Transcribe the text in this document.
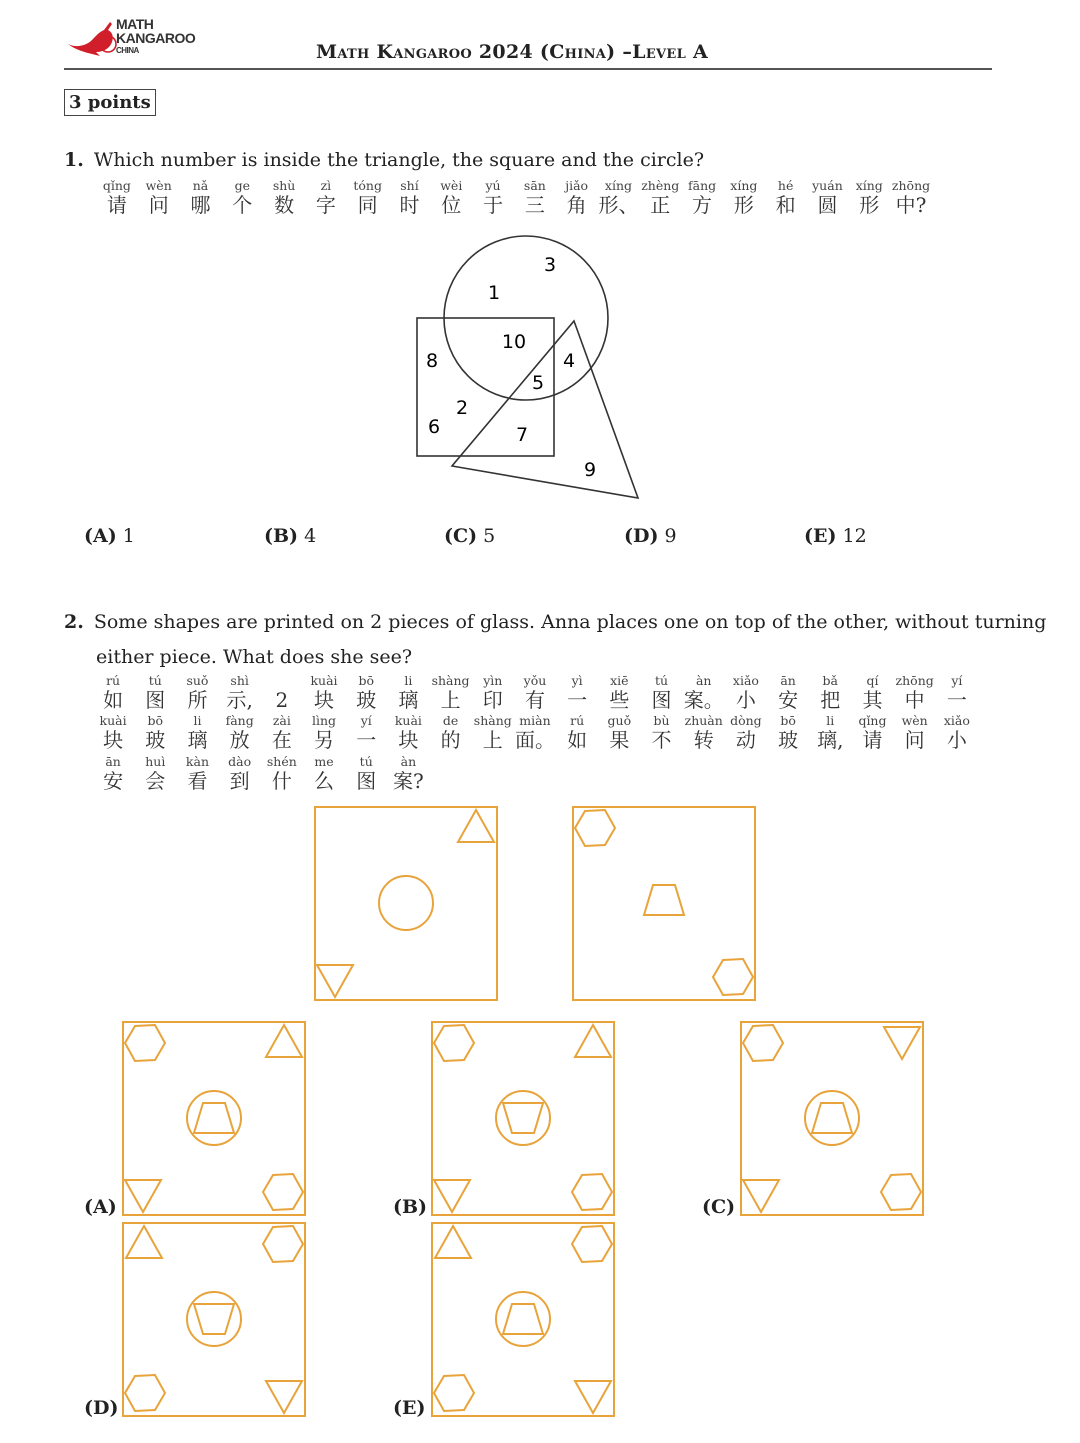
MATH
KANGAROO
CHINA	Math Kangaroo 2024 (China) –Level A
3 points
1. Which number is inside the triangle, the square and the circle?
qǐng
请
wèn
问
nǎ
哪
ge
个
shù
数
zì
字
tóng
同
shí
时
wèi
位
yú
于
sān
三
jiǎo
角
xíng
形、
zhèng
正
fāng
方
xíng
形
hé
和
yuán
圆
xíng
形
zhōng
中?
3
1
10
4
8
5
2
6	7
9
(A) 1	(B) 4	(C) 5	(D) 9	(E) 12
2. Some shapes are printed on 2 pieces of glass. Anna places one on top of the other, without turning
either piece. What does she see?
rú
如
tú
图
suǒ
所
shì
示, 2
kuài
块
bō
玻
li
璃
shàng
上
yìn
印
yǒu
有
yì
一
xiē
些
tú
图
àn
案。
xiǎo
小
ān
安
bǎ
把
qí
其
zhōng
中
yí
一
kuài
块
bō
玻
li
璃
fàng
放
zài
在
lìng
另
yí
一
kuài
块
de
的
shàng
上
miàn
面。
rú
如
guǒ
果
bù
不
zhuàn
转
dòng
动
bō
玻
li
璃,
qǐng
请
wèn
问
xiǎo
小
ān
安
huì
会
kàn
看
dào
到
shén
什
me
么
tú
图
àn
案?
(A)	(B)	(C)
(D)	(E)
